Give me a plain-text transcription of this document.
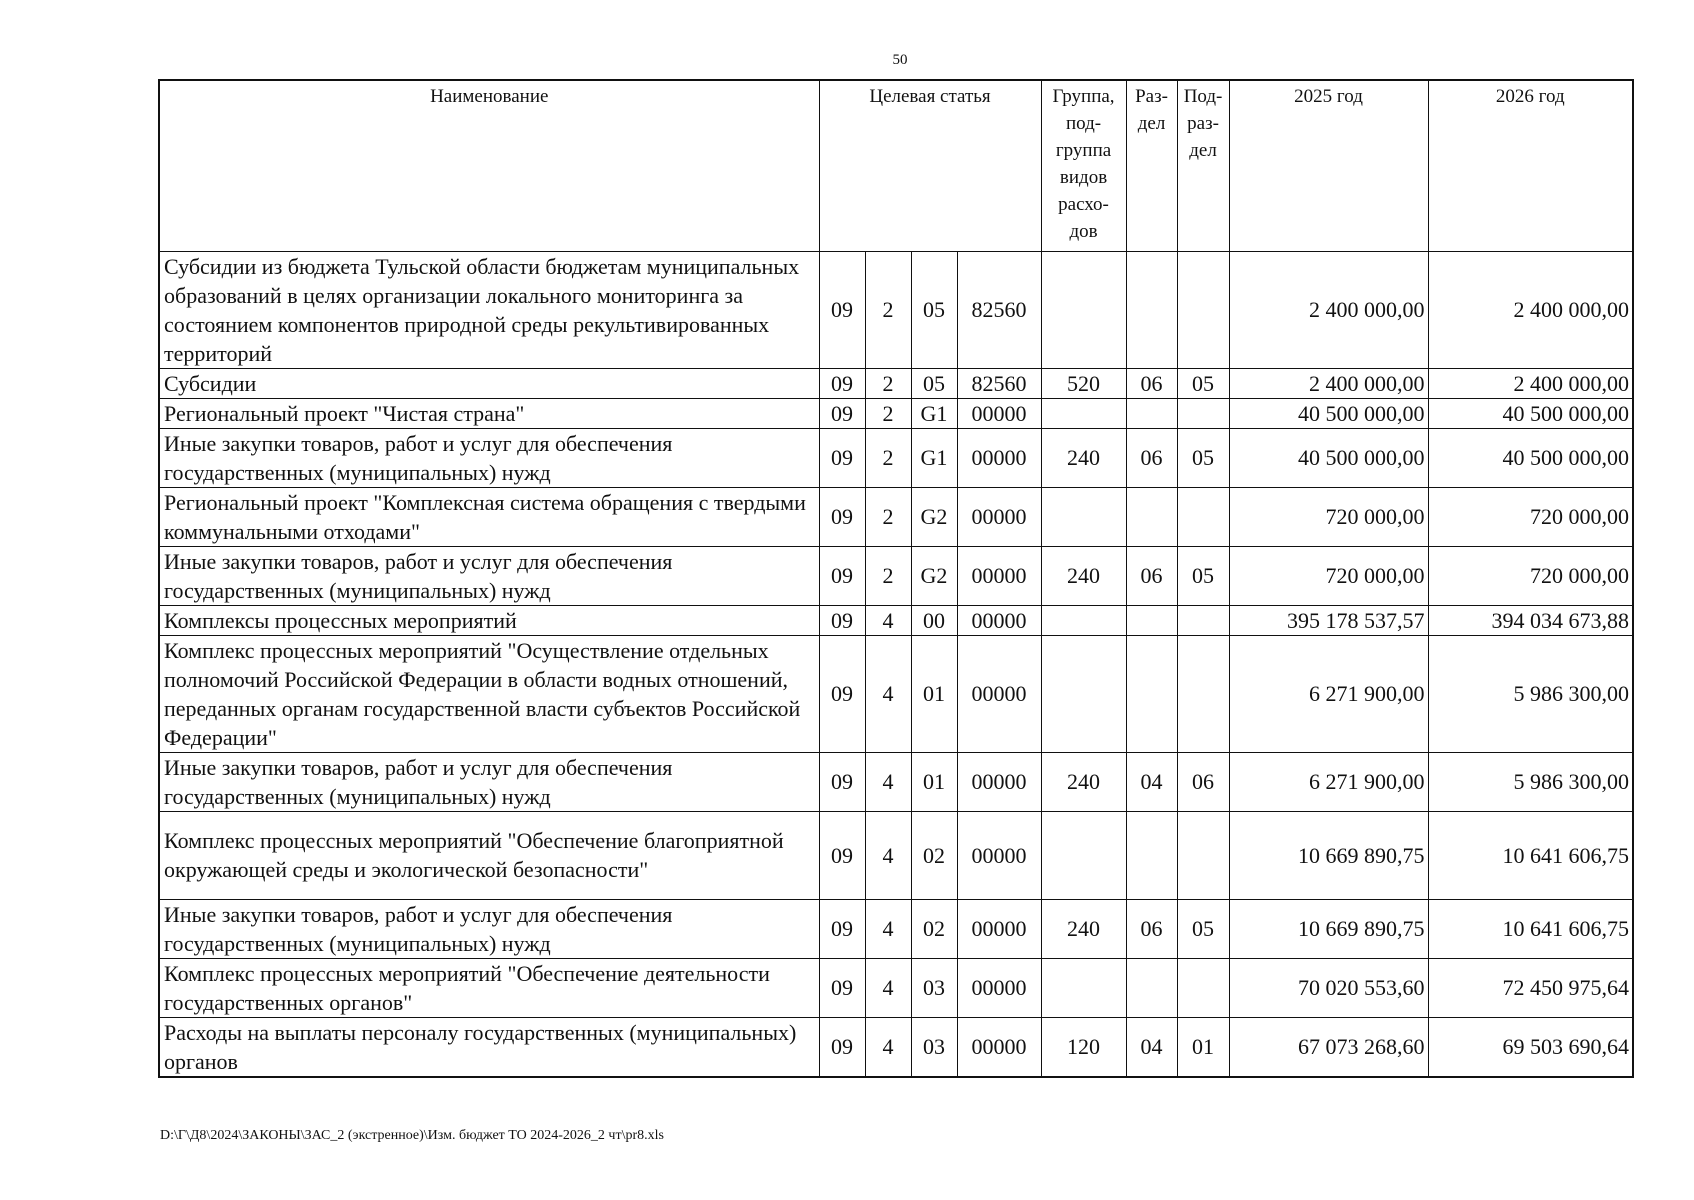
50
Наименование	Целевая статья				Группа, под-группа видов расхо-дов	Раз-дел	Под-раз-дел	2025 год	2026 год
Субсидии из бюджета Тульской области бюджетам муниципальных образований в целях организации локального мониторинга за состоянием компонентов природной среды рекультивированных территорий	09	2	05	82560				2 400 000,00	2 400 000,00
Субсидии	09	2	05	82560	520	06	05	2 400 000,00	2 400 000,00
Региональный проект "Чистая страна"	09	2	G1	00000				40 500 000,00	40 500 000,00
Иные закупки товаров, работ и услуг для обеспечения государственных (муниципальных) нужд	09	2	G1	00000	240	06	05	40 500 000,00	40 500 000,00
Региональный проект "Комплексная система обращения с твердыми коммунальными отходами"	09	2	G2	00000				720 000,00	720 000,00
Иные закупки товаров, работ и услуг для обеспечения государственных (муниципальных) нужд	09	2	G2	00000	240	06	05	720 000,00	720 000,00
Комплексы процессных мероприятий	09	4	00	00000				395 178 537,57	394 034 673,88
Комплекс процессных мероприятий "Осуществление отдельных полномочий Российской Федерации в области водных отношений, переданных органам государственной власти субъектов Российской Федерации"	09	4	01	00000				6 271 900,00	5 986 300,00
Иные закупки товаров, работ и услуг для обеспечения государственных (муниципальных) нужд	09	4	01	00000	240	04	06	6 271 900,00	5 986 300,00
Комплекс процессных мероприятий "Обеспечение благоприятной окружающей среды и экологической безопасности"	09	4	02	00000				10 669 890,75	10 641 606,75
Иные закупки товаров, работ и услуг для обеспечения государственных (муниципальных) нужд	09	4	02	00000	240	06	05	10 669 890,75	10 641 606,75
Комплекс процессных мероприятий "Обеспечение деятельности государственных органов"	09	4	03	00000				70 020 553,60	72 450 975,64
Расходы на выплаты персоналу государственных (муниципальных) органов	09	4	03	00000	120	04	01	67 073 268,60	69 503 690,64
D:\Г\Д8\2024\ЗАКОНЫ\ЗАС_2 (экстренное)\Изм. бюджет ТО 2024-2026_2 чт\pr8.xls
